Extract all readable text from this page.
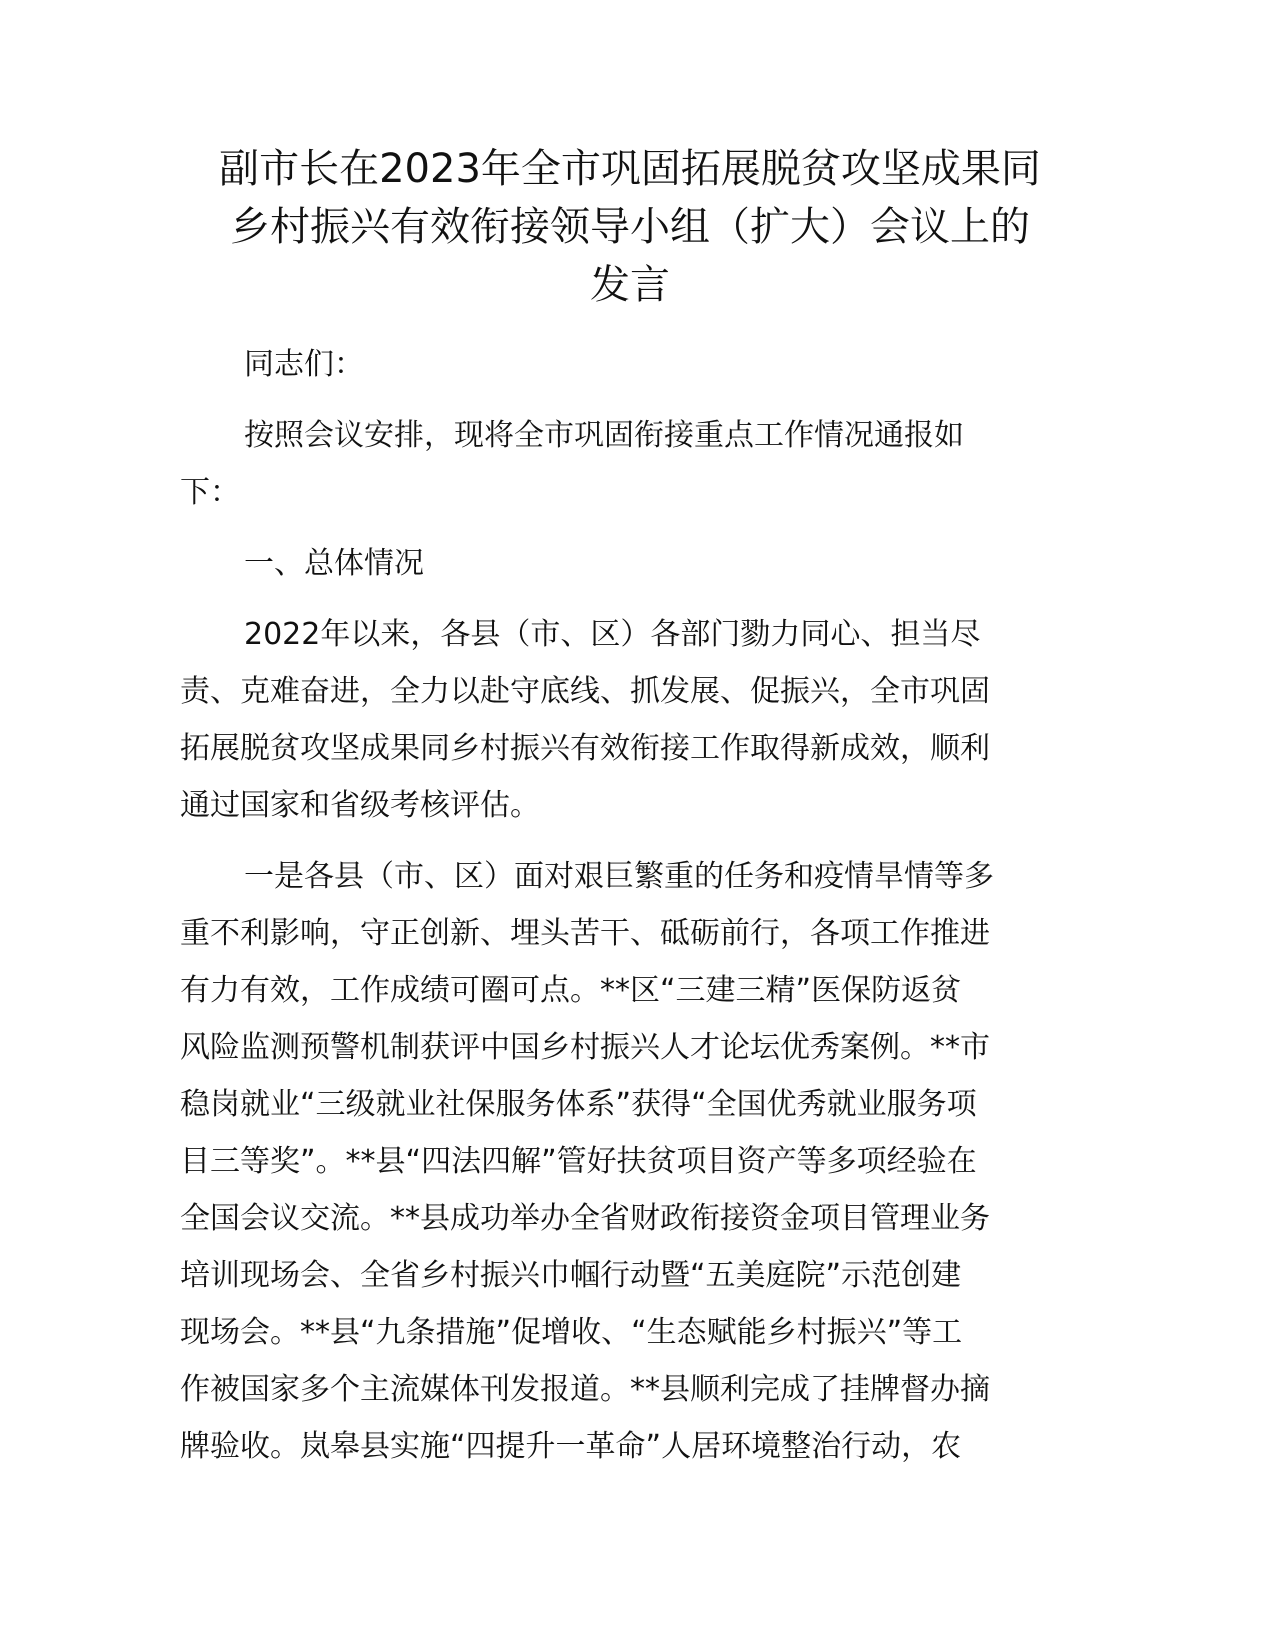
副市长在2023年全市巩固拓展脱贫攻坚成果同
乡村振兴有效衔接领导小组（扩大）会议上的
发言
同志们：
按照会议安排，现将全市巩固衔接重点工作情况通报如
下：
一、总体情况
2022年以来，各县（市、区）各部门勠力同心、担当尽
责、克难奋进，全力以赴守底线、抓发展、促振兴，全市巩固
拓展脱贫攻坚成果同乡村振兴有效衔接工作取得新成效，顺利
通过国家和省级考核评估。
一是各县（市、区）面对艰巨繁重的任务和疫情旱情等多
重不利影响，守正创新、埋头苦干、砥砺前行，各项工作推进
有力有效，工作成绩可圈可点。**区“三建三精”医保防返贫
风险监测预警机制获评中国乡村振兴人才论坛优秀案例。**市
稳岗就业“三级就业社保服务体系”获得“全国优秀就业服务项
目三等奖”。**县“四法四解”管好扶贫项目资产等多项经验在
全国会议交流。**县成功举办全省财政衔接资金项目管理业务
培训现场会、全省乡村振兴巾帼行动暨“五美庭院”示范创建
现场会。**县“九条措施”促增收、“生态赋能乡村振兴”等工
作被国家多个主流媒体刊发报道。**县顺利完成了挂牌督办摘
牌验收。岚皋县实施“四提升一革命”人居环境整治行动，农
